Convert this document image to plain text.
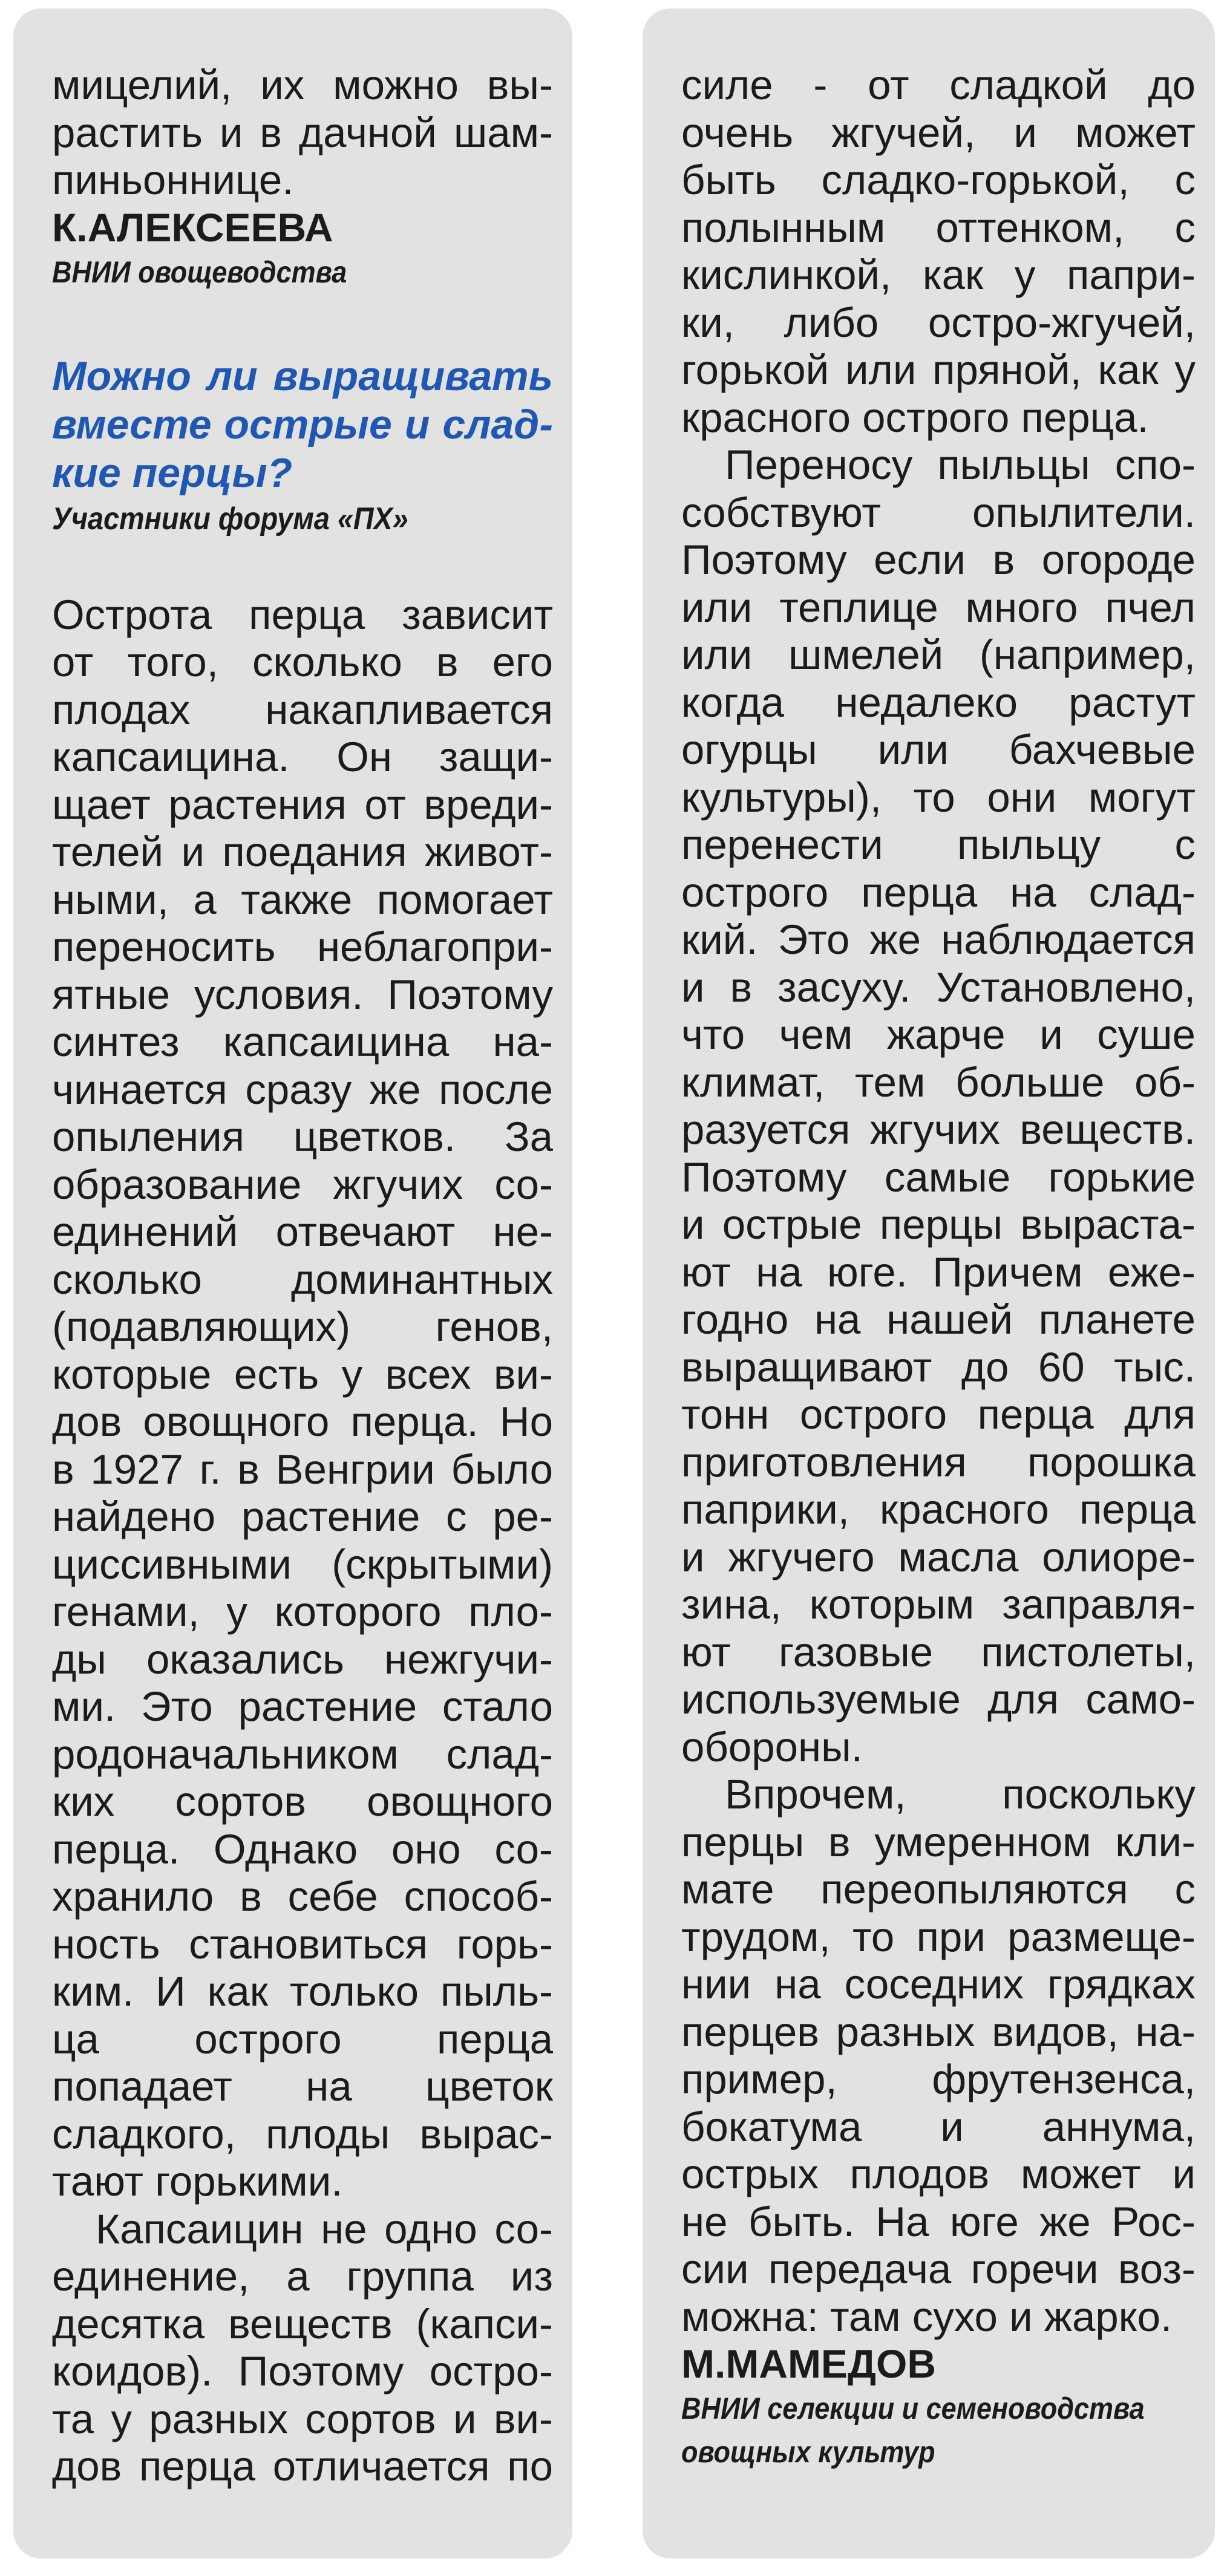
мицелий, их можно вы-
растить и в дачной шам-
пиньоннице.
К.АЛЕКСЕЕВА
ВНИИ овощеводства
Можно ли выращивать
вместе острые и слад-
кие перцы?
Участники форума «ПХ»
Острота перца зависит
от того, сколько в его
плодах накапливается
капсаицина. Он защи-
щает растения от вреди-
телей и поедания живот-
ными, а также помогает
переносить неблагопри-
ятные условия. Поэтому
синтез капсаицина на-
чинается сразу же после
опыления цветков. За
образование жгучих со-
единений отвечают не-
сколько доминантных
(подавляющих) генов,
которые есть у всех ви-
дов овощного перца. Но
в 1927 г. в Венгрии было
найдено растение с ре-
циссивными (скрытыми)
генами, у которого пло-
ды оказались нежгучи-
ми. Это растение стало
родоначальником слад-
ких сортов овощного
перца. Однако оно со-
хранило в себе способ-
ность становиться горь-
ким. И как только пыль-
ца острого перца
попадает на цветок
сладкого, плоды вырас-
тают горькими.
Капсаицин не одно со-
единение, а группа из
десятка веществ (капси-
коидов). Поэтому остро-
та у разных сортов и ви-
дов перца отличается по
силе - от сладкой до
очень жгучей, и может
быть сладко-горькой, с
полынным оттенком, с
кислинкой, как у папри-
ки, либо остро-жгучей,
горькой или пряной, как у
красного острого перца.
Переносу пыльцы спо-
собствуют опылители.
Поэтому если в огороде
или теплице много пчел
или шмелей (например,
когда недалеко растут
огурцы или бахчевые
культуры), то они могут
перенести пыльцу с
острого перца на слад-
кий. Это же наблюдается
и в засуху. Установлено,
что чем жарче и суше
климат, тем больше об-
разуется жгучих веществ.
Поэтому самые горькие
и острые перцы выраста-
ют на юге. Причем еже-
годно на нашей планете
выращивают до 60 тыс.
тонн острого перца для
приготовления порошка
паприки, красного перца
и жгучего масла олиоре-
зина, которым заправля-
ют газовые пистолеты,
используемые для само-
обороны.
Впрочем, поскольку
перцы в умеренном кли-
мате переопыляются с
трудом, то при размеще-
нии на соседних грядках
перцев разных видов, на-
пример, фрутензенса,
бокатума и аннума,
острых плодов может и
не быть. На юге же Рос-
сии передача горечи воз-
можна: там сухо и жарко.
М.МАМЕДОВ
ВНИИ селекции и семеноводства
овощных культур
